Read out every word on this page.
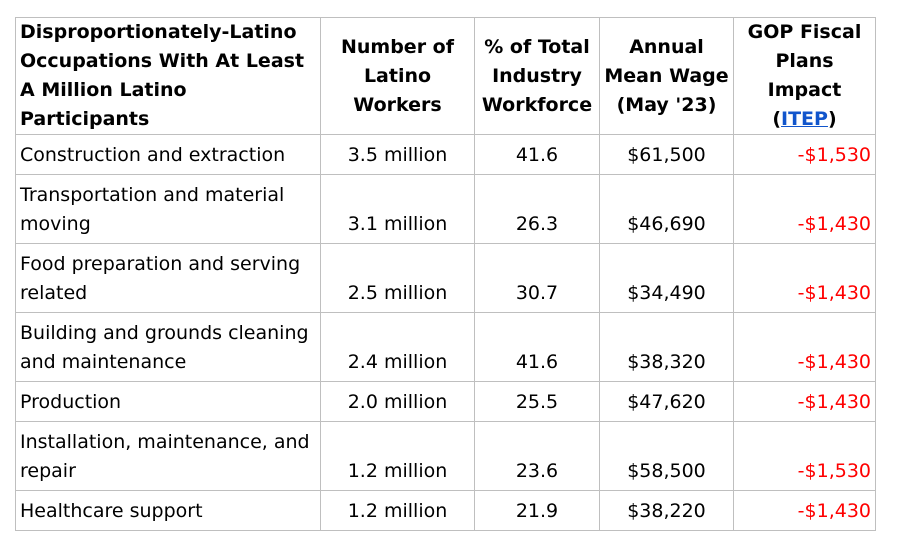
Disproportionately-Latino Occupations With At Least A Million Latino Participants	Number of Latino Workers	% of Total Industry Workforce	Annual Mean Wage (May '23)	GOP Fiscal Plans Impact (ITEP)
Construction and extraction	3.5 million	41.6	$61,500	-$1,530
Transportation and material moving	3.1 million	26.3	$46,690	-$1,430
Food preparation and serving related	2.5 million	30.7	$34,490	-$1,430
Building and grounds cleaning and maintenance	2.4 million	41.6	$38,320	-$1,430
Production	2.0 million	25.5	$47,620	-$1,430
Installation, maintenance, and repair	1.2 million	23.6	$58,500	-$1,530
Healthcare support	1.2 million	21.9	$38,220	-$1,430
